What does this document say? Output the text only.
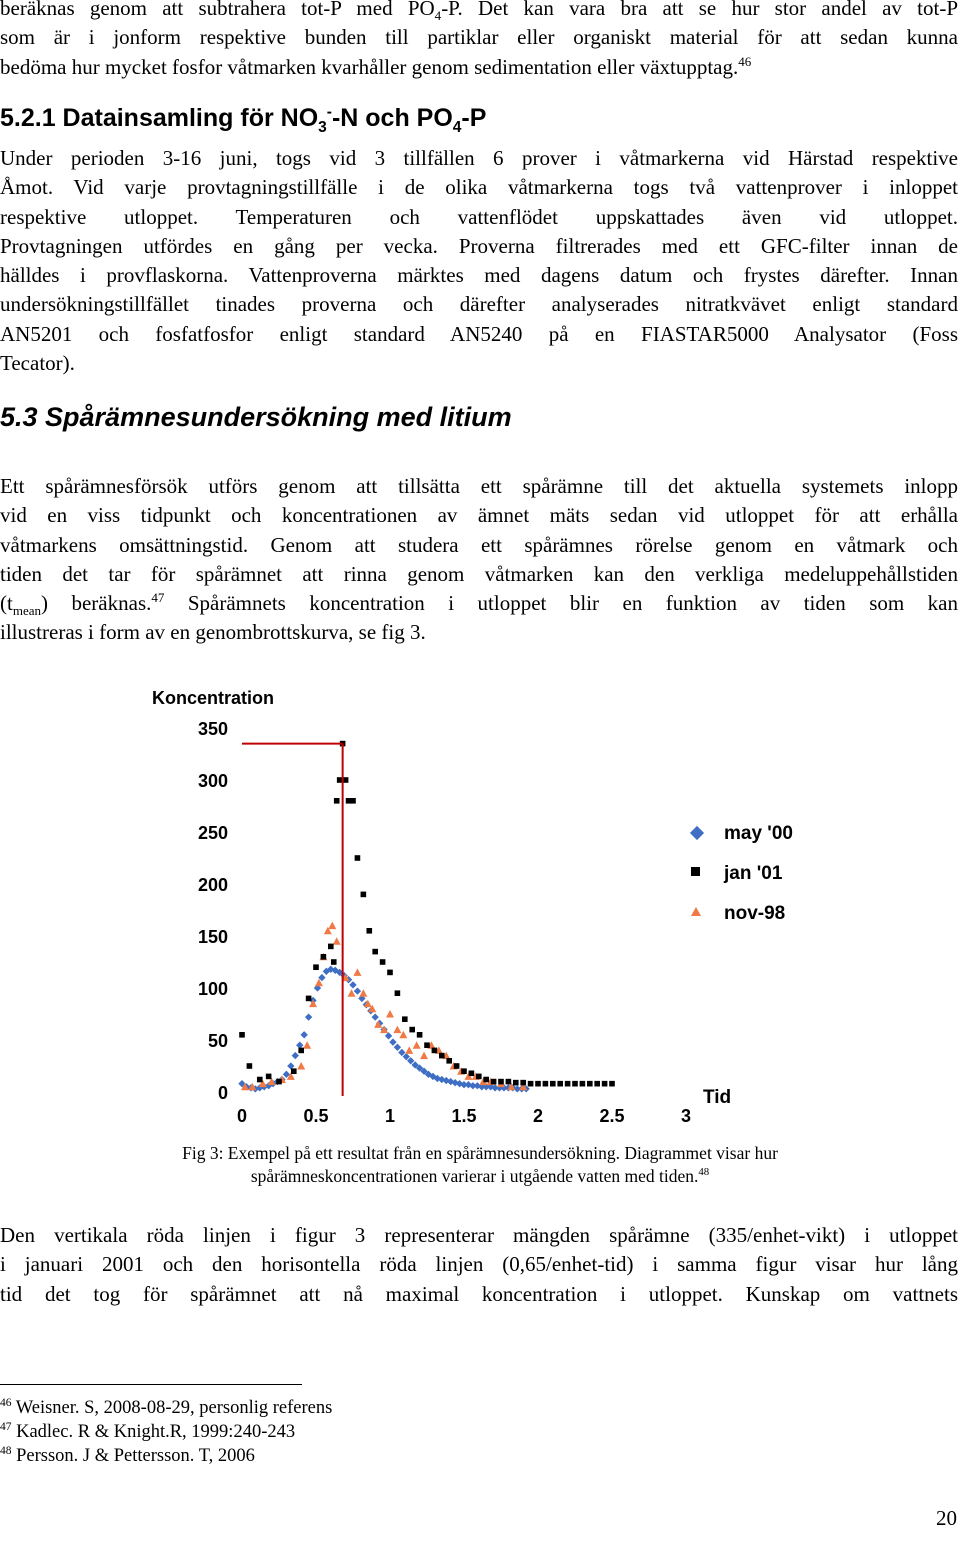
beräknas genom att subtrahera tot-P med $PO_4-P$. Det kan vara bra att se hur stor andel av tot-P
som är i jonform respektive bunden till partiklar eller organiskt material för att sedan kunna
bedöma hur mycket fosfor våtmarken kvarhåller genom sedimentation eller växtupptag.$^{46}$
5.2.1 Datainsamling för $NO_3^--N$ och $PO_4-P$
Under perioden 3-16 juni, togs vid 3 tillfällen 6 prover i våtmarkerna vid Härstad respektive
Åmot. Vid varje provtagningstillfälle i de olika våtmarkerna togs två vattenprover i inloppet
respektive utloppet. Temperaturen och vattenflödet uppskattades även vid utloppet.
Provtagningen utfördes en gång per vecka. Proverna filtrerades med ett GFC-filter innan de
hälldes i provflaskorna. Vattenproverna märktes med dagens datum och frystes därefter. Innan
undersökningstillfället tinades proverna och därefter analyserades nitratkvävet enligt standard
AN5201 och fosfatfosfor enligt standard AN5240 på en FIASTAR5000 Analysator (Foss
Tecator).
5.3 Spårämnesundersökning med litium
Ett spårämnesförsök utförs genom att tillsätta ett spårämne till det aktuella systemets inlopp
vid en viss tidpunkt och koncentrationen av ämnet mäts sedan vid utloppet för att erhålla
våtmarkens omsättningstid. Genom att studera ett spårämnes rörelse genom en våtmark och
tiden det tar för spårämnet att rinna genom våtmarken kan den verkliga medeluppehållstiden
$(t_{mean})$ beräknas.$^{47}$ Spårämnets koncentration i utloppet blir en funktion av tiden som kan
illustreras i form av en genombrottskurva, se fig 3.
Koncentration
Tid
0
50
100
150
200
250
300
350
0	0.5	1	1.5	2	2.5	3
may '00
jan '01
nov-98
Fig 3: Exempel på ett resultat från en spårämnesundersökning. Diagrammet visar hur
spårämneskoncentrationen varierar i utgående vatten med tiden.$^{48}$
Den vertikala röda linjen i figur 3 representerar mängden spårämne (335/enhet-vikt) i utloppet
i januari 2001 och den horisontella röda linjen (0,65/enhet-tid) i samma figur visar hur lång
tid det tog för spårämnet att nå maximal koncentration i utloppet. Kunskap om vattnets
$^{46}$ Weisner. S, 2008-08-29, personlig referens
$^{47}$ Kadlec. R & Knight.R, 1999:240-243
$^{48}$ Persson. J & Pettersson. T, 2006
20
